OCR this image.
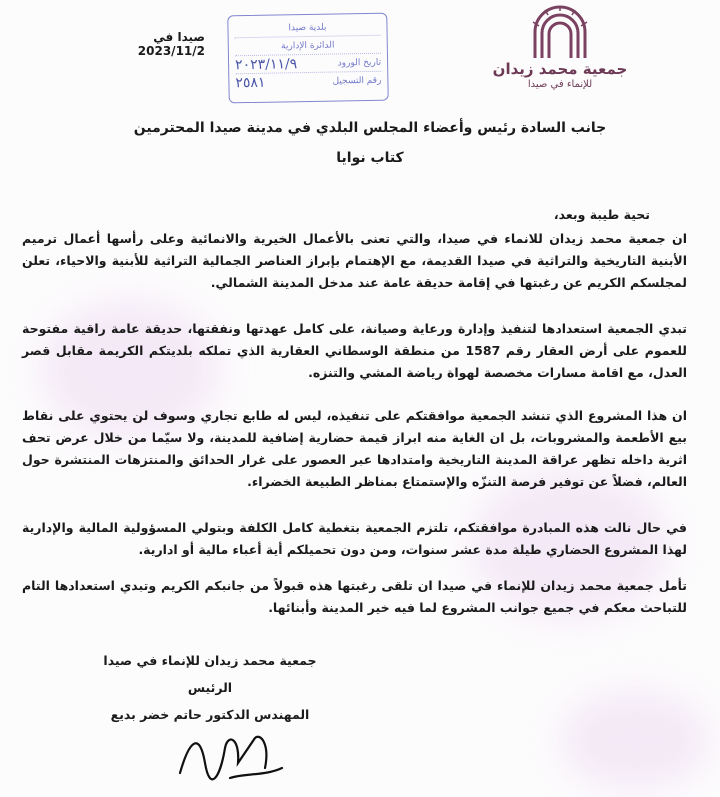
صيدا في 2023/11/2
بلدية صيدا
الدائرة الإدارية
تاريخ الورود
٢٠٢٣/١١/٩
رقم التسجيل
٢٥٨١
جمعية محمد زيدان
للإنماء في صيدا
جانب السادة رئيس وأعضاء المجلس البلدي في مدينة صيدا المحترمين
كتاب نوايا
تحية طيبة وبعد،
ان جمعية محمد زيدان للانماء في صيدا، والتي تعنى بالأعمال الخيرية والانمائية وعلى رأسها أعمال ترميم الأبنية التاريخية والتراثية في صيدا القديمة، مع الإهتمام بإبراز العناصر الجمالية التراثية للأبنية والاحياء، تعلن لمجلسكم الكريم عن رغبتها في إقامة حديقة عامة عند مدخل المدينة الشمالي.
تبدي الجمعية استعدادها لتنفيذ وإدارة ورعاية وصيانة، على كامل عهدتها ونفقتها، حديقة عامة راقية مفتوحة للعموم على أرض العقار رقم 1587 من منطقة الوسطاني العقارية الذي تملكه بلديتكم الكريمة مقابل قصر العدل، مع اقامة مسارات مخصصة لهواة رياضة المشي والتنزه.
ان هذا المشروع الذي تنشد الجمعية موافقتكم على تنفيذه، ليس له طابع تجاري وسوف لن يحتوي على نقاط بيع الأطعمة والمشروبات، بل ان الغاية منه ابراز قيمة حضارية إضافية للمدينة، ولا سيّما من خلال عرض تحف اثرية داخله تظهر عراقة المدينة التاريخية وامتدادها عبر العصور على غرار الحدائق والمنتزهات المنتشرة حول العالم، فضلاً عن توفير فرصة التنزّه والإستمتاع بمناظر الطبيعة الخضراء.
في حال نالت هذه المبادرة موافقتكم، تلتزم الجمعية بتغطية كامل الكلفة وبتولي المسؤولية المالية والإدارية لهذا المشروع الحضاري طيلة مدة عشر سنوات، ومن دون تحميلكم أية أعباء مالية أو ادارية.
تأمل جمعية محمد زيدان للإنماء في صيدا ان تلقى رغبتها هذه قبولاً من جانبكم الكريم وتبدي استعدادها التام للتباحث معكم في جميع جوانب المشروع لما فيه خير المدينة وأبنائها.
جمعية محمد زيدان للإنماء في صيدا
الرئيس
المهندس الدكتور حاتم خضر بديع
